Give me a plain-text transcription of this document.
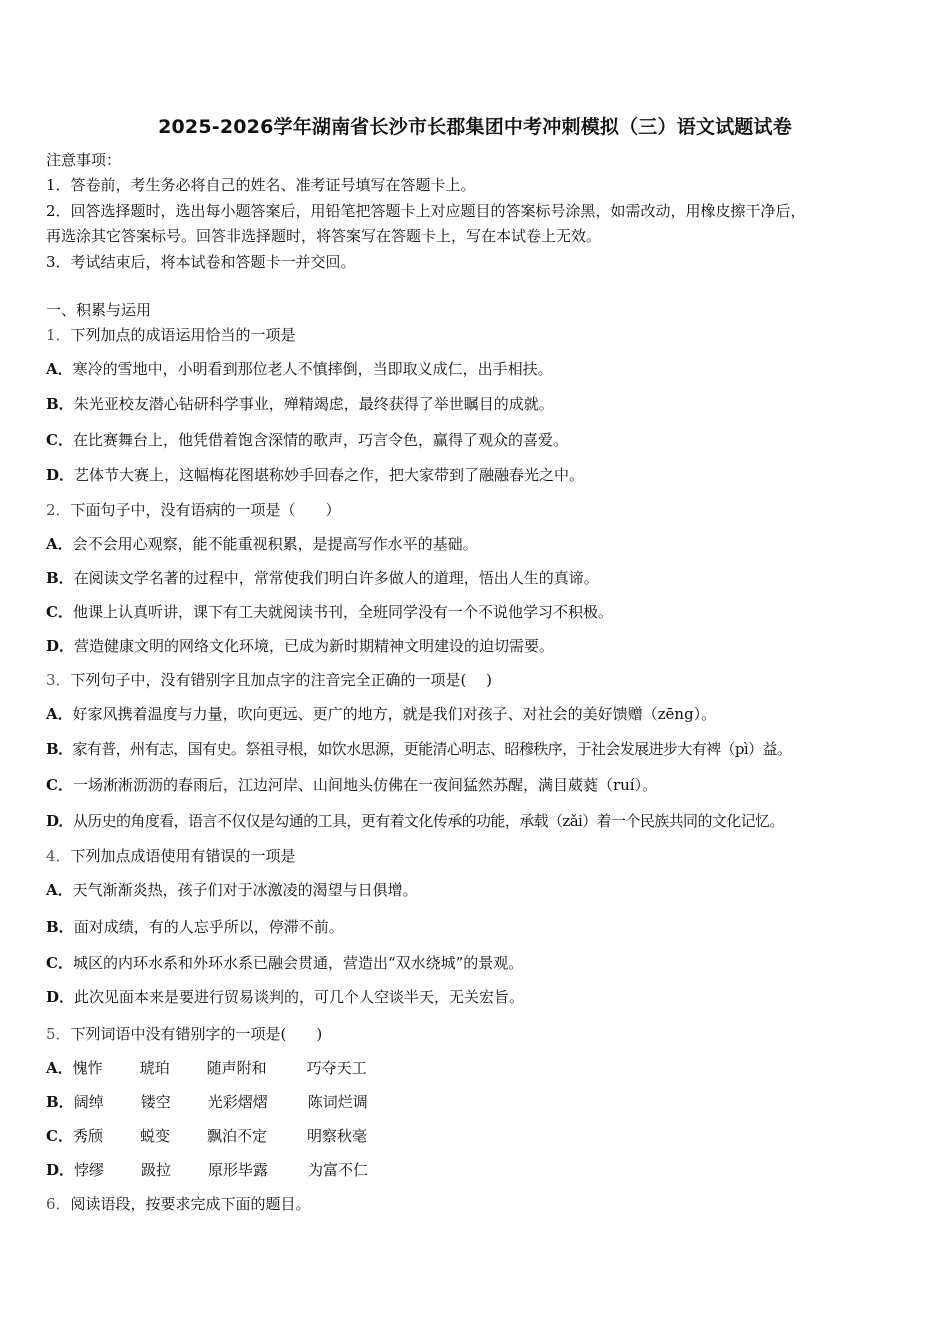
2025-2026学年湖南省长沙市长郡集团中考冲刺模拟（三）语文试题试卷
注意事项：
1．答卷前，考生务必将自己的姓名、准考证号填写在答题卡上。
2．回答选择题时，选出每小题答案后，用铅笔把答题卡上对应题目的答案标号涂黑，如需改动，用橡皮擦干净后，
再选涂其它答案标号。回答非选择题时，将答案写在答题卡上，写在本试卷上无效。
3．考试结束后，将本试卷和答题卡一并交回。
一、积累与运用
1．下列加点的成语运用恰当的一项是
A．寒冷的雪地中，小明看到那位老人不慎摔倒，当即取义成仁，出手相扶。
B．朱光亚校友潜心钻研科学事业，殚精竭虑，最终获得了举世瞩目的成就。
C．在比赛舞台上，他凭借着饱含深情的歌声，巧言令色，赢得了观众的喜爱。
D．艺体节大赛上，这幅梅花图堪称妙手回春之作，把大家带到了融融春光之中。
2．下面句子中，没有语病的一项是（　　）
A．会不会用心观察，能不能重视积累，是提高写作水平的基础。
B．在阅读文学名著的过程中，常常使我们明白许多做人的道理，悟出人生的真谛。
C．他课上认真听讲，课下有工夫就阅读书刊，全班同学没有一个不说他学习不积极。
D．营造健康文明的网络文化环境，已成为新时期精神文明建设的迫切需要。
3．下列句子中，没有错别字且加点字的注音完全正确的一项是(　 )
A．好家风携着温度与力量，吹向更远、更广的地方，就是我们对孩子、对社会的美好馈赠（zēng）。
B．家有普，州有志，国有史。祭祖寻根，如饮水思源，更能清心明志、昭穆秩序，于社会发展进步大有裨（pì）益。
C．一场淅淅沥沥的春雨后，江边河岸、山间地头仿佛在一夜间猛然苏醒，满目葳蕤（ruí）。
D．从历史的角度看，语言不仅仅是勾通的工具，更有着文化传承的功能，承载（zǎi）着一个民族共同的文化记忆。
4．下列加点成语使用有错误的一项是
A．天气渐渐炎热，孩子们对于冰激凌的渴望与日俱增。
B．面对成绩，有的人忘乎所以，停滞不前。
C．城区的内环水系和外环水系已融会贯通，营造出“双水绕城”的景观。
D．此次见面本来是要进行贸易谈判的，可几个人空谈半天，无关宏旨。
5．下列词语中没有错别字的一项是(　　)
A．愧怍 琥珀 随声附和	巧夺天工
B．阔绰 镂空 光彩熠熠	陈词烂调
C．秀颀 蜕变 飘泊不定	明察秋毫
D．悖缪 趿拉 原形毕露	为富不仁
6．阅读语段，按要求完成下面的题目。
